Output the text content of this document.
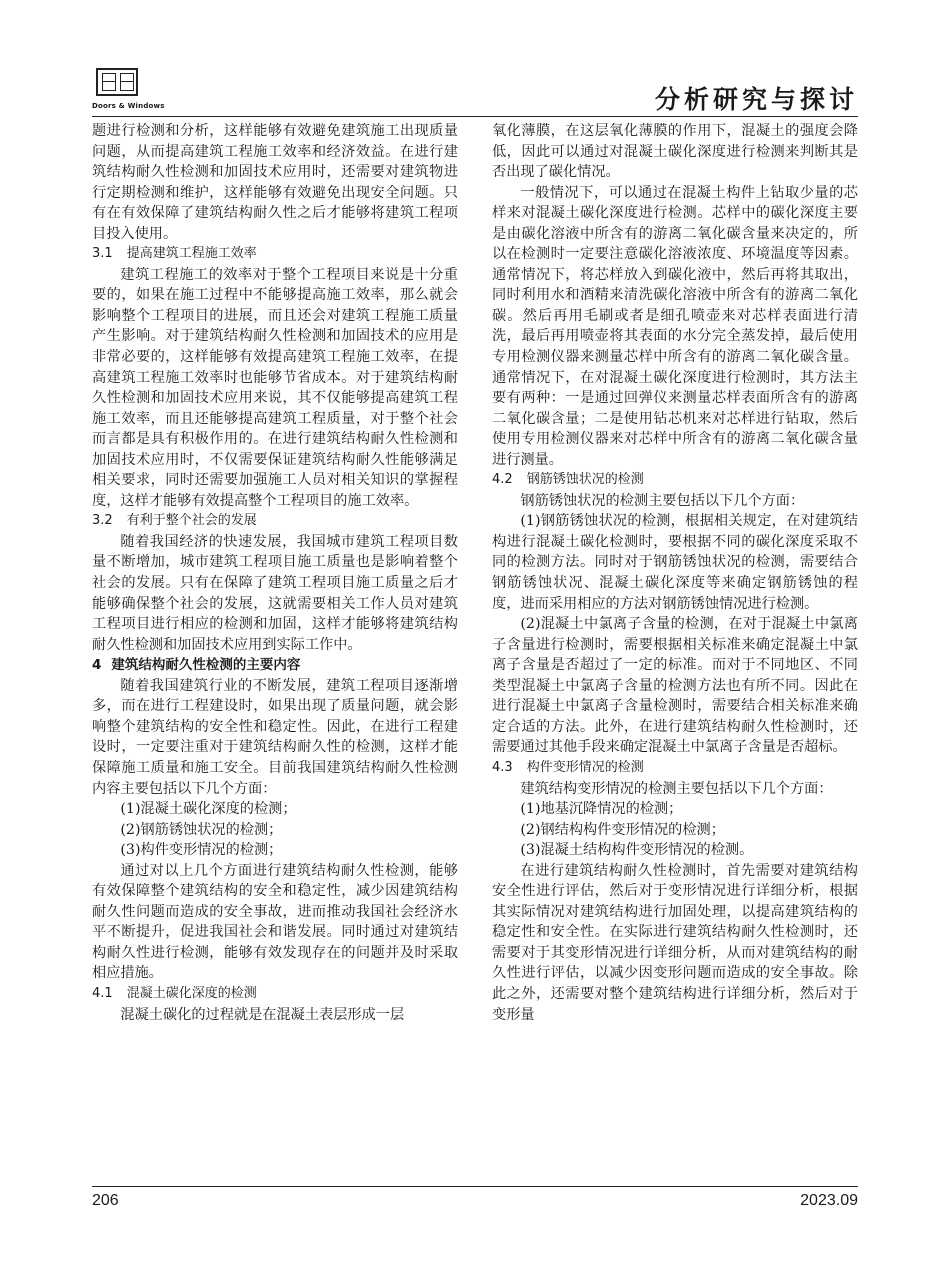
Doors & Windows	分析研究与探讨

题进行检测和分析，这样能够有效避免建筑施工出现质量问题，从而提高建筑工程施工效率和经济效益。在进行建筑结构耐久性检测和加固技术应用时，还需要对建筑物进行定期检测和维护，这样能够有效避免出现安全问题。只有在有效保障了建筑结构耐久性之后才能够将建筑工程项目投入使用。

3.1 提高建筑工程施工效率

建筑工程施工的效率对于整个工程项目来说是十分重要的，如果在施工过程中不能够提高施工效率，那么就会影响整个工程项目的进展，而且还会对建筑工程施工质量产生影响。对于建筑结构耐久性检测和加固技术的应用是非常必要的，这样能够有效提高建筑工程施工效率，在提高建筑工程施工效率时也能够节省成本。对于建筑结构耐久性检测和加固技术应用来说，其不仅能够提高建筑工程施工效率，而且还能够提高建筑工程质量，对于整个社会而言都是具有积极作用的。在进行建筑结构耐久性检测和加固技术应用时，不仅需要保证建筑结构耐久性能够满足相关要求，同时还需要加强施工人员对相关知识的掌握程度，这样才能够有效提高整个工程项目的施工效率。

3.2 有利于整个社会的发展

随着我国经济的快速发展，我国城市建筑工程项目数量不断增加，城市建筑工程项目施工质量也是影响着整个社会的发展。只有在保障了建筑工程项目施工质量之后才能够确保整个社会的发展，这就需要相关工作人员对建筑工程项目进行相应的检测和加固，这样才能够将建筑结构耐久性检测和加固技术应用到实际工作中。

4 建筑结构耐久性检测的主要内容

随着我国建筑行业的不断发展，建筑工程项目逐渐增多，而在进行工程建设时，如果出现了质量问题，就会影响整个建筑结构的安全性和稳定性。因此，在进行工程建设时，一定要注重对于建筑结构耐久性的检测，这样才能保障施工质量和施工安全。目前我国建筑结构耐久性检测内容主要包括以下几个方面：

(1)混凝土碳化深度的检测；

(2)钢筋锈蚀状况的检测；

(3)构件变形情况的检测；

通过对以上几个方面进行建筑结构耐久性检测，能够有效保障整个建筑结构的安全和稳定性，减少因建筑结构耐久性问题而造成的安全事故，进而推动我国社会经济水平不断提升，促进我国社会和谐发展。同时通过对建筑结构耐久性进行检测，能够有效发现存在的问题并及时采取相应措施。

4.1 混凝土碳化深度的检测

混凝土碳化的过程就是在混凝土表层形成一层

氧化薄膜，在这层氧化薄膜的作用下，混凝土的强度会降低，因此可以通过对混凝土碳化深度进行检测来判断其是否出现了碳化情况。

一般情况下，可以通过在混凝土构件上钻取少量的芯样来对混凝土碳化深度进行检测。芯样中的碳化深度主要是由碳化溶液中所含有的游离二氧化碳含量来决定的，所以在检测时一定要注意碳化溶液浓度、环境温度等因素。通常情况下，将芯样放入到碳化液中，然后再将其取出，同时利用水和酒精来清洗碳化溶液中所含有的游离二氧化碳。然后再用毛刷或者是细孔喷壶来对芯样表面进行清洗，最后再用喷壶将其表面的水分完全蒸发掉，最后使用专用检测仪器来测量芯样中所含有的游离二氧化碳含量。通常情况下，在对混凝土碳化深度进行检测时，其方法主要有两种：一是通过回弹仪来测量芯样表面所含有的游离二氧化碳含量；二是使用钻芯机来对芯样进行钻取，然后使用专用检测仪器来对芯样中所含有的游离二氧化碳含量进行测量。

4.2 钢筋锈蚀状况的检测

钢筋锈蚀状况的检测主要包括以下几个方面：

(1)钢筋锈蚀状况的检测，根据相关规定，在对建筑结构进行混凝土碳化检测时，要根据不同的碳化深度采取不同的检测方法。同时对于钢筋锈蚀状况的检测，需要结合钢筋锈蚀状况、混凝土碳化深度等来确定钢筋锈蚀的程度，进而采用相应的方法对钢筋锈蚀情况进行检测。

(2)混凝土中氯离子含量的检测，在对于混凝土中氯离子含量进行检测时，需要根据相关标准来确定混凝土中氯离子含量是否超过了一定的标准。而对于不同地区、不同类型混凝土中氯离子含量的检测方法也有所不同。因此在进行混凝土中氯离子含量检测时，需要结合相关标准来确定合适的方法。此外，在进行建筑结构耐久性检测时，还需要通过其他手段来确定混凝土中氯离子含量是否超标。

4.3 构件变形情况的检测

建筑结构变形情况的检测主要包括以下几个方面：

(1)地基沉降情况的检测；

(2)钢结构构件变形情况的检测；

(3)混凝土结构构件变形情况的检测。

在进行建筑结构耐久性检测时，首先需要对建筑结构安全性进行评估，然后对于变形情况进行详细分析，根据其实际情况对建筑结构进行加固处理，以提高建筑结构的稳定性和安全性。在实际进行建筑结构耐久性检测时，还需要对于其变形情况进行详细分析，从而对建筑结构的耐久性进行评估，以减少因变形问题而造成的安全事故。除此之外，还需要对整个建筑结构进行详细分析，然后对于变形量

206	2023.09
